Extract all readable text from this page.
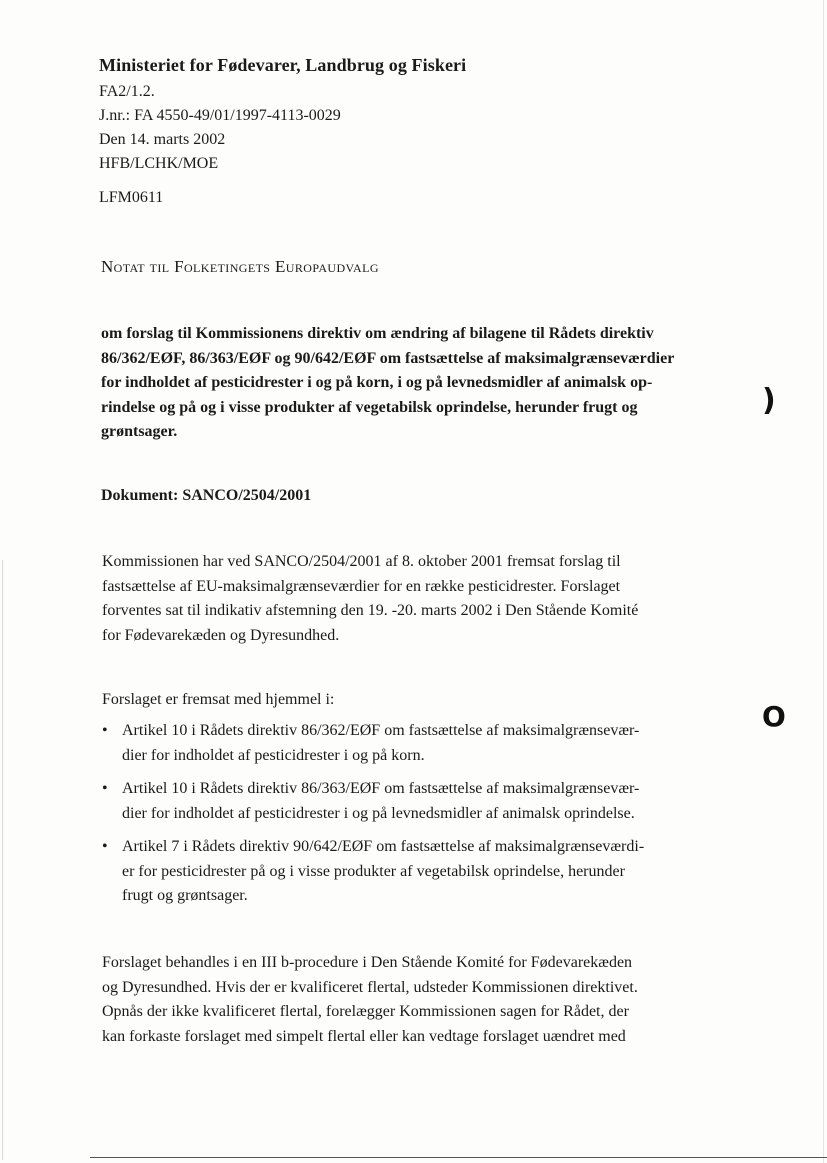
Ministeriet for Fødevarer, Landbrug og Fiskeri
FA2/1.2.
J.nr.: FA 4550-49/01/1997-4113-0029
Den 14. marts 2002
HFB/LCHK/MOE
LFM0611
Notat til Folketingets Europaudvalg
om forslag til Kommissionens direktiv om ændring af bilagene til Rådets direktiv
86/362/EØF, 86/363/EØF og 90/642/EØF om fastsættelse af maksimalgrænseværdier
for indholdet af pesticidrester i og på korn, i og på levnedsmidler af animalsk op-
rindelse og på og i visse produkter af vegetabilsk oprindelse, herunder frugt og
grøntsager.
Dokument: SANCO/2504/2001
Kommissionen har ved SANCO/2504/2001 af 8. oktober 2001 fremsat forslag til
fastsættelse af EU-maksimalgrænseværdier for en række pesticidrester. Forslaget
forventes sat til indikativ afstemning den 19. -20. marts 2002 i Den Stående Komité
for Fødevarekæden og Dyresundhed.
Forslaget er fremsat med hjemmel i:
• Artikel 10 i Rådets direktiv 86/362/EØF om fastsættelse af maksimalgrænsevær-
dier for indholdet af pesticidrester i og på korn.
• Artikel 10 i Rådets direktiv 86/363/EØF om fastsættelse af maksimalgrænsevær-
dier for indholdet af pesticidrester i og på levnedsmidler af animalsk oprindelse.
• Artikel 7 i Rådets direktiv 90/642/EØF om fastsættelse af maksimalgrænseværdi-
er for pesticidrester på og i visse produkter af vegetabilsk oprindelse, herunder
frugt og grøntsager.
Forslaget behandles i en III b-procedure i Den Stående Komité for Fødevarekæden
og Dyresundhed. Hvis der er kvalificeret flertal, udsteder Kommissionen direktivet.
Opnås der ikke kvalificeret flertal, forelægger Kommissionen sagen for Rådet, der
kan forkaste forslaget med simpelt flertal eller kan vedtage forslaget uændret med
)
O
